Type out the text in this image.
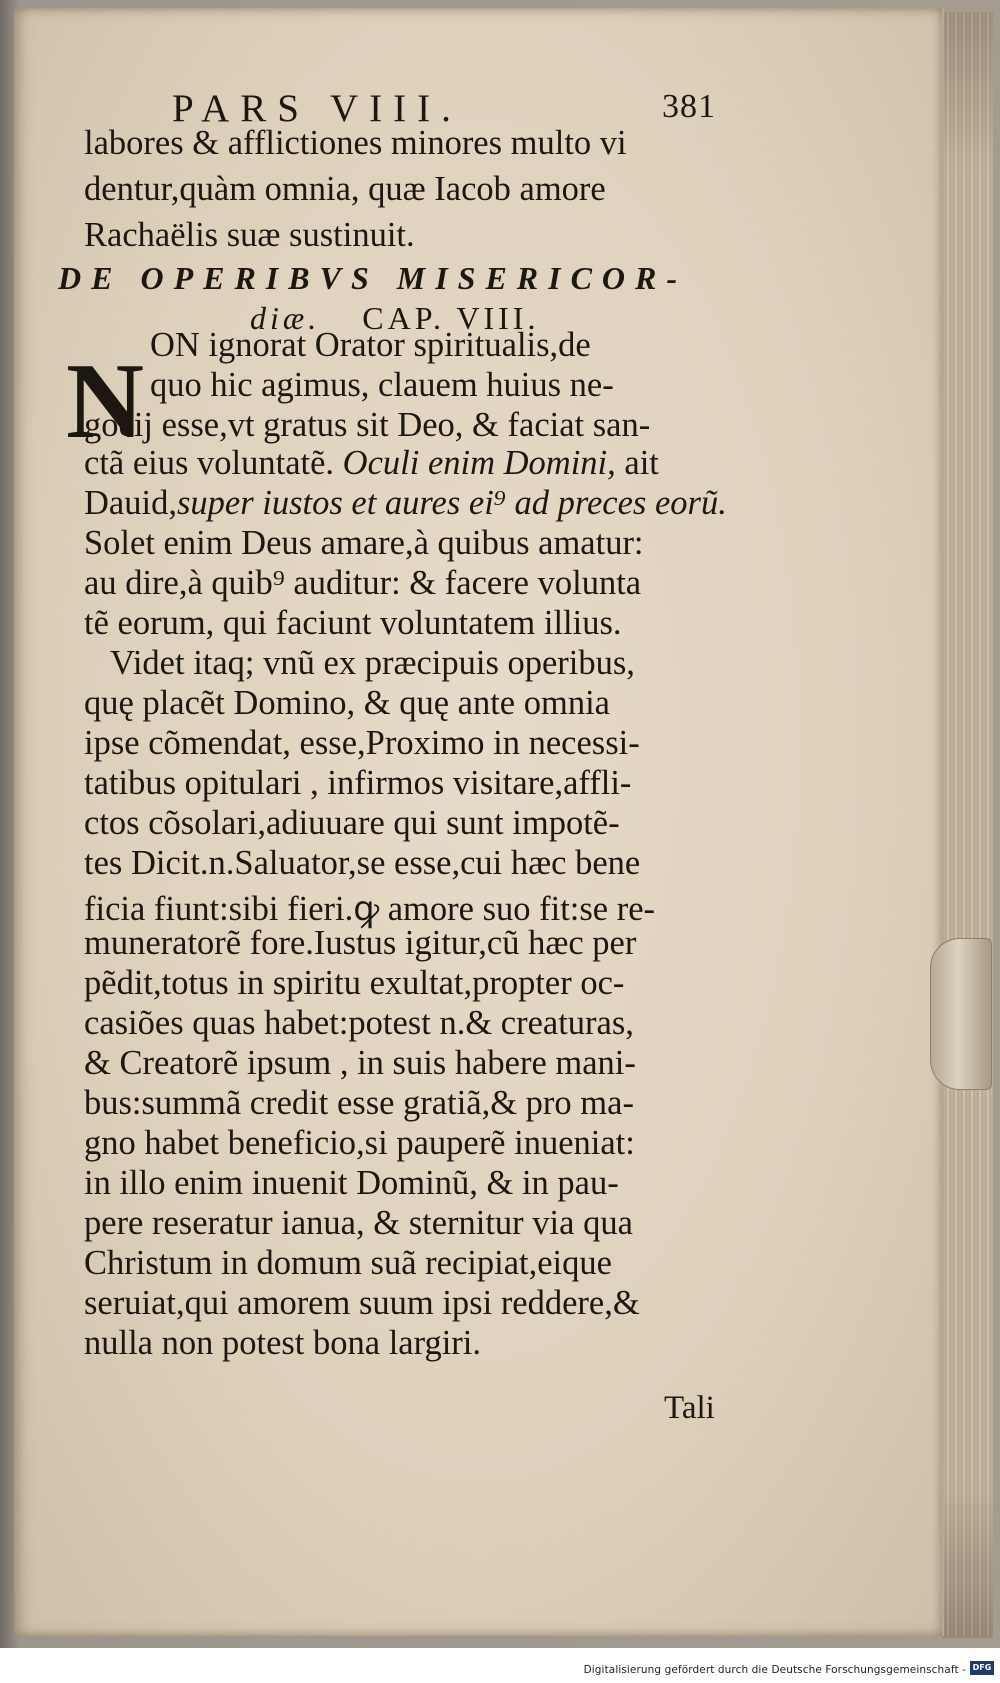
PARS VIII.	381
labores & afflictiones minores multo vi
dentur,quàm omnia, quæ Iacob amore
Rachaëlis suæ sustinuit.
DE OPERIBVS MISERICOR-
diæ. CAP. VIII.
N ON ignorat Orator spiritualis,de
quo hic agimus, clauem huius ne-
gocij esse,vt gratus sit Deo, & faciat san-
ctã eius voluntatẽ. Oculi enim Domini, ait
Dauid,super iustos et aures ei⁹ ad preces eorũ.
Solet enim Deus amare,à quibus amatur:
au dire,à quib⁹ auditur: & facere volunta
tẽ eorum, qui faciunt voluntatem illius.
Videt itaq; vnũ ex præcipuis operibus,
quę placẽt Domino, & quę ante omnia
ipse cõmendat, esse,Proximo in necessi-
tatibus opitulari , infirmos visitare,affli-
ctos cõsolari,adiuuare qui sunt impotẽ-
tes Dicit.n.Saluator,se esse,cui hæc bene
ficia fiunt:sibi fieri.ꝙ amore suo fit:se re-
muneratorẽ fore.Iustus igitur,cũ hæc per
pẽdit,totus in spiritu exultat,propter oc-
casiões quas habet:potest n.& creaturas,
& Creatorẽ ipsum , in suis habere mani-
bus:summã credit esse gratiã,& pro ma-
gno habet beneficio,si pauperẽ inueniat:
in illo enim inuenit Dominũ, & in pau-
pere reseratur ianua, & sternitur via qua
Christum in domum suã recipiat,eique
seruiat,qui amorem suum ipsi reddere,&
nulla non potest bona largiri.
Tali
Digitalisierung gefördert durch die Deutsche Forschungsgemeinschaft - DFG
